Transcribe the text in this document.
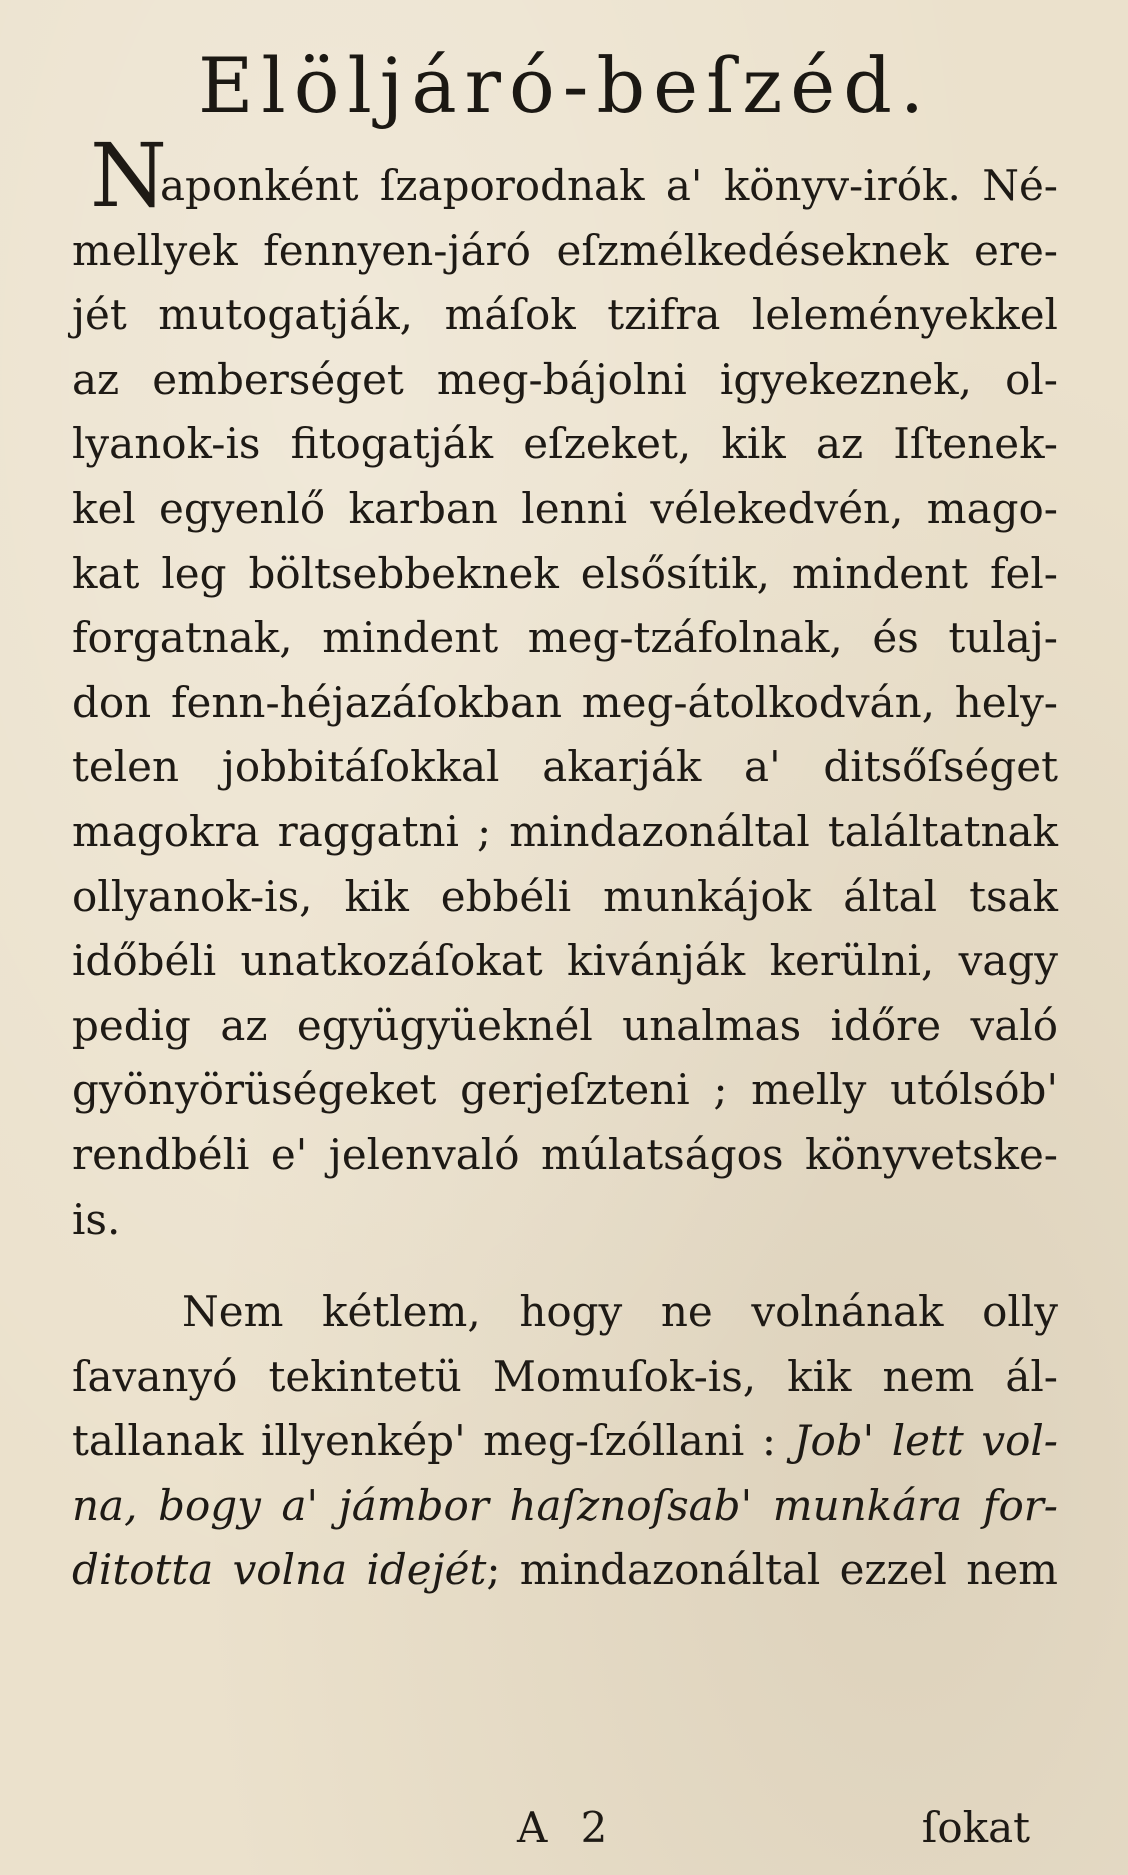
Elöljáró-beſzéd.
N
aponként ſzaporodnak a' könyv-irók. Né-
mellyek fennyen-járó eſzmélkedéseknek ere-
jét mutogatják, máſok tzifra leleményekkel
az emberséget meg-bájolni igyekeznek, ol-
lyanok-is fitogatják eſzeket, kik az Iſtenek-
kel egyenlő karban lenni vélekedvén, mago-
kat leg böltsebbeknek elsősítik, mindent fel-
forgatnak, mindent meg-tzáfolnak, és tulaj-
don fenn-héjazáſokban meg-átolkodván, hely-
telen jobbitáſokkal akarják a' ditsőſséget
magokra raggatni ; mindazonáltal találtatnak
ollyanok-is, kik ebbéli munkájok által tsak
időbéli unatkozáſokat kivánják kerülni, vagy
pedig az együgyüeknél unalmas időre való
gyönyörüségeket gerjeſzteni ; melly utólsób'
rendbéli e' jelenvaló múlatságos könyvetske-
is.
Nem kétlem, hogy ne volnának olly
ſavanyó tekintetü Momuſok-is, kik nem ál-
tallanak illyenkép' meg-ſzóllani : Job' lett vol-
na, bogy a' jámbor haſznoſsab' munkára for-
ditotta volna idejét; mindazonáltal ezzel nem
A 2	ſokat
